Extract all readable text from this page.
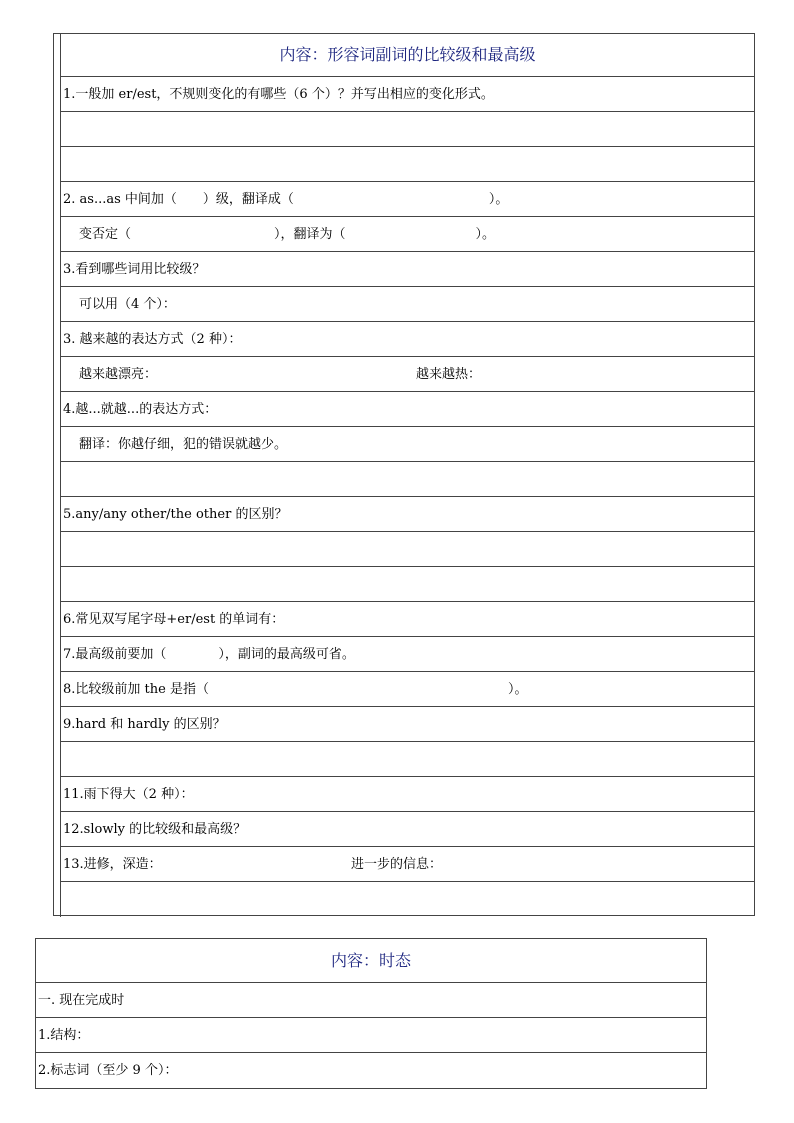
内容：形容词副词的比较级和最高级
1.一般加 er/est，不规则变化的有哪些（6 个）？并写出相应的变化形式。
2. as...as 中间加（　　）级，翻译成（　　　　　　　　　　　　　　　）。
变否定（　　　　　　　　　　　），翻译为（　　　　　　　　　　）。
3.看到哪些词用比较级？
可以用（4 个）：
3. 越来越的表达方式（2 种）：
越来越漂亮：	越来越热：
4.越...就越...的表达方式：
翻译：你越仔细，犯的错误就越少。
5.any/any other/the other 的区别？
6.常见双写尾字母+er/est 的单词有：
7.最高级前要加（　　　　），副词的最高级可省。
8.比较级前加 the 是指（　　　　　　　　　　　　　　　　　　　　　　　）。
9.hard 和 hardly 的区别？
11.雨下得大（2 种）：
12.slowly 的比较级和最高级？
13.进修，深造：	进一步的信息：
内容：时态
一. 现在完成时
1.结构：
2.标志词（至少 9 个）：
